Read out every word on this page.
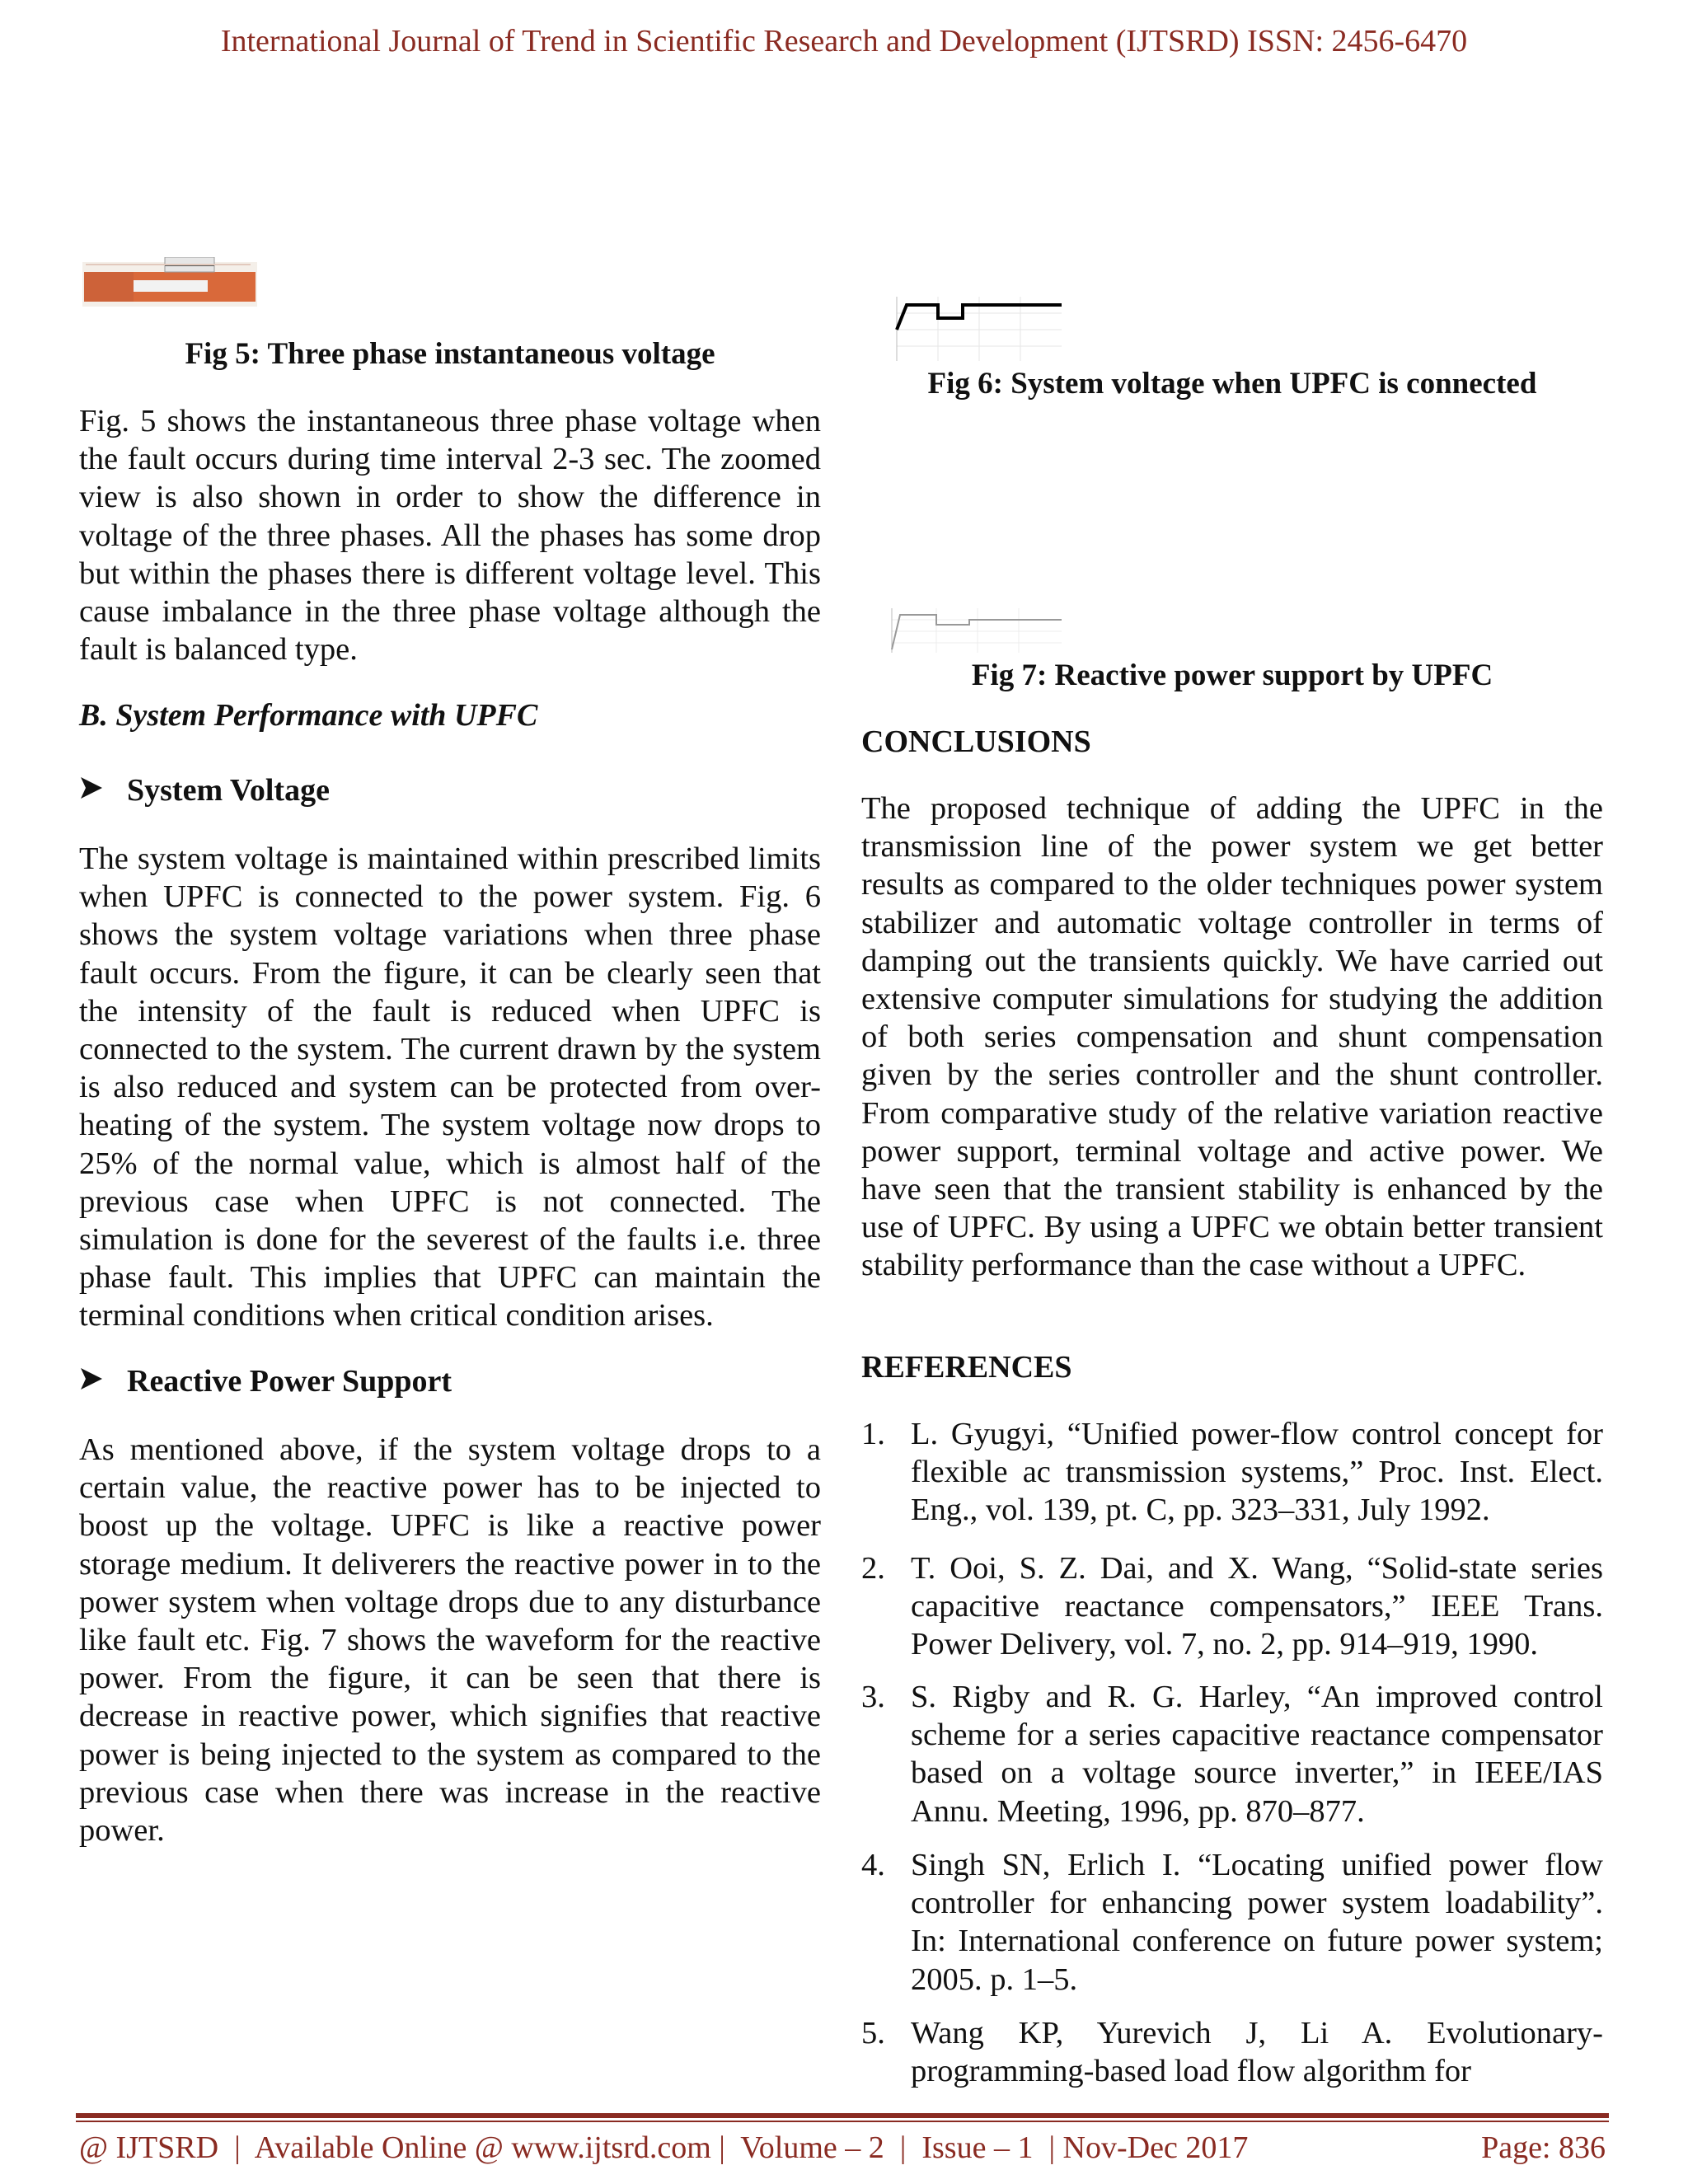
International Journal of Trend in Scientific Research and Development (IJTSRD) ISSN: 2456-6470
Fig 5: Three phase instantaneous voltage
Fig. 5 shows the instantaneous three phase voltage when the fault occurs during time interval 2-3 sec. The zoomed view is also shown in order to show the difference in voltage of the three phases. All the phases has some drop but within the phases there is different voltage level. This cause imbalance in the three phase voltage although the fault is balanced type.
B. System Performance with UPFC
System Voltage
The system voltage is maintained within prescribed limits when UPFC is connected to the power system. Fig. 6 shows the system voltage variations when three phase fault occurs. From the figure, it can be clearly seen that the intensity of the fault is reduced when UPFC is connected to the system. The current drawn by the system is also reduced and system can be protected from over-heating of the system. The system voltage now drops to 25% of the normal value, which is almost half of the previous case when UPFC is not connected. The simulation is done for the severest of the faults i.e. three phase fault. This implies that UPFC can maintain the terminal conditions when critical condition arises.
Reactive Power Support
As mentioned above, if the system voltage drops to a certain value, the reactive power has to be injected to boost up the voltage. UPFC is like a reactive power storage medium. It deliverers the reactive power in to the power system when voltage drops due to any disturbance like fault etc. Fig. 7 shows the waveform for the reactive power. From the figure, it can be seen that there is decrease in reactive power, which signifies that reactive power is being injected to the system as compared to the previous case when there was increase in the reactive power.
Fig 6: System voltage when UPFC is connected
Fig 7: Reactive power support by UPFC
CONCLUSIONS
The proposed technique of adding the UPFC in the transmission line of the power system we get better results as compared to the older techniques power system stabilizer and automatic voltage controller in terms of damping out the transients quickly. We have carried out extensive computer simulations for studying the addition of both series compensation and shunt compensation given by the series controller and the shunt controller. From comparative study of the relative variation reactive power support, terminal voltage and active power. We have seen that the transient stability is enhanced by the use of UPFC. By using a UPFC we obtain better transient stability performance than the case without a UPFC.
REFERENCES
1. L. Gyugyi, “Unified power-flow control concept for flexible ac transmission systems,” Proc. Inst. Elect. Eng., vol. 139, pt. C, pp. 323–331, July 1992.
2. T. Ooi, S. Z. Dai, and X. Wang, “Solid-state series capacitive reactance compensators,” IEEE Trans. Power Delivery, vol. 7, no. 2, pp. 914–919, 1990.
3. S. Rigby and R. G. Harley, “An improved control scheme for a series capacitive reactance compensator based on a voltage source inverter,” in IEEE/IAS Annu. Meeting, 1996, pp. 870–877.
4. Singh SN, Erlich I. “Locating unified power flow controller for enhancing power system loadability”. In: International conference on future power system; 2005. p. 1–5.
5. Wang KP, Yurevich J, Li A. Evolutionary-programming-based load flow algorithm for
@ IJTSRD  |  Available Online @ www.ijtsrd.com |  Volume – 2  |  Issue – 1  | Nov-Dec 2017	Page: 836
